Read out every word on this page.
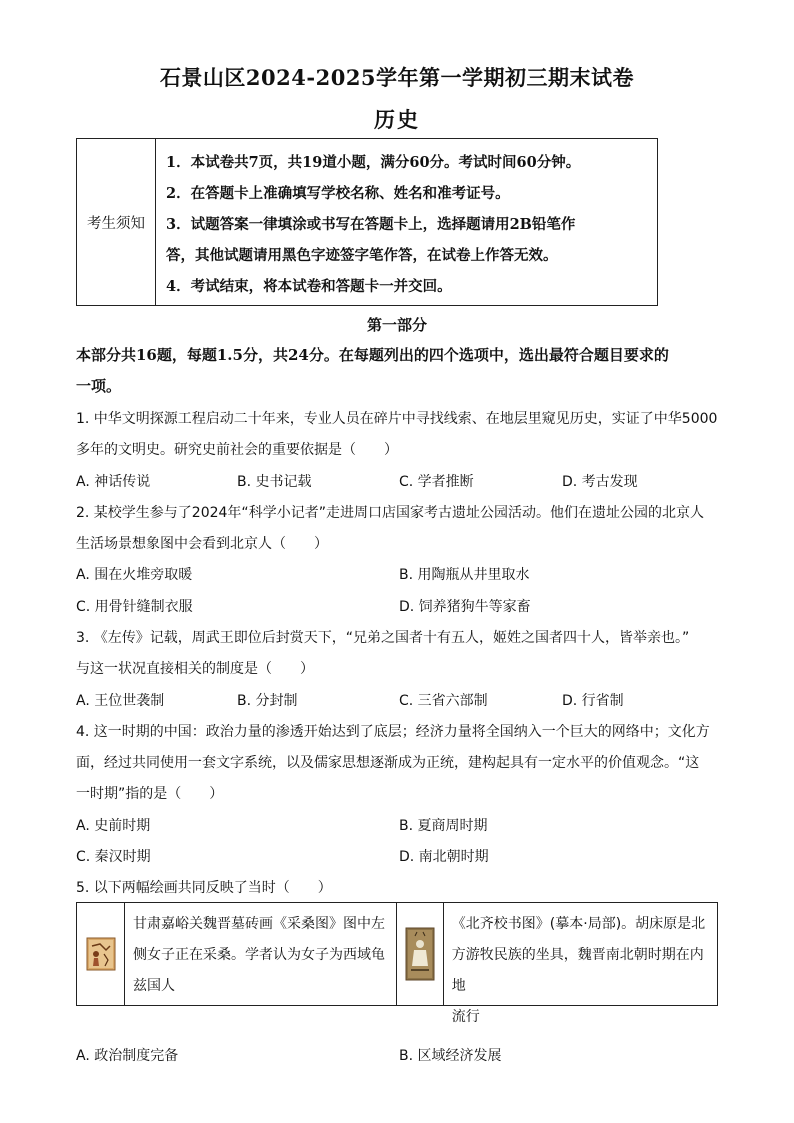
石景山区2024-2025学年第一学期初三期末试卷
历史
考生须知
1．本试卷共7页，共19道小题，满分60分。考试时间60分钟。
2．在答题卡上准确填写学校名称、姓名和准考证号。
3．试题答案一律填涂或书写在答题卡上，选择题请用2B铅笔作
答，其他试题请用黑色字迹签字笔作答，在试卷上作答无效。
4．考试结束，将本试卷和答题卡一并交回。
第一部分
本部分共16题，每题1.5分，共24分。在每题列出的四个选项中，选出最符合题目要求的
一项。
1. 中华文明探源工程启动二十年来，专业人员在碎片中寻找线索、在地层里窥见历史，实证了中华5000
多年的文明史。研究史前社会的重要依据是（　　）
A. 神话传说	B. 史书记载	C. 学者推断	D. 考古发现
2. 某校学生参与了2024年“科学小记者”走进周口店国家考古遗址公园活动。他们在遗址公园的北京人
生活场景想象图中会看到北京人（　　）
A. 围在火堆旁取暖	B. 用陶瓶从井里取水
C. 用骨针缝制衣服	D. 饲养猪狗牛等家畜
3. 《左传》记载，周武王即位后封赏天下，“兄弟之国者十有五人，姬姓之国者四十人，皆举亲也。”
与这一状况直接相关的制度是（　　）
A. 王位世袭制	B. 分封制	C. 三省六部制	D. 行省制
4. 这一时期的中国：政治力量的渗透开始达到了底层；经济力量将全国纳入一个巨大的网络中；文化方
面，经过共同使用一套文字系统，以及儒家思想逐渐成为正统，建构起具有一定水平的价值观念。“这
一时期”指的是（　　）
A. 史前时期	B. 夏商周时期
C. 秦汉时期	D. 南北朝时期
5. 以下两幅绘画共同反映了当时（　　）
甘肃嘉峪关魏晋墓砖画《采桑图》图中左
侧女子正在采桑。学者认为女子为西域龟
兹国人
《北齐校书图》(摹本·局部)。胡床原是北
方游牧民族的坐具，魏晋南北朝时期在内地
流行
A. 政治制度完备	B. 区域经济发展
